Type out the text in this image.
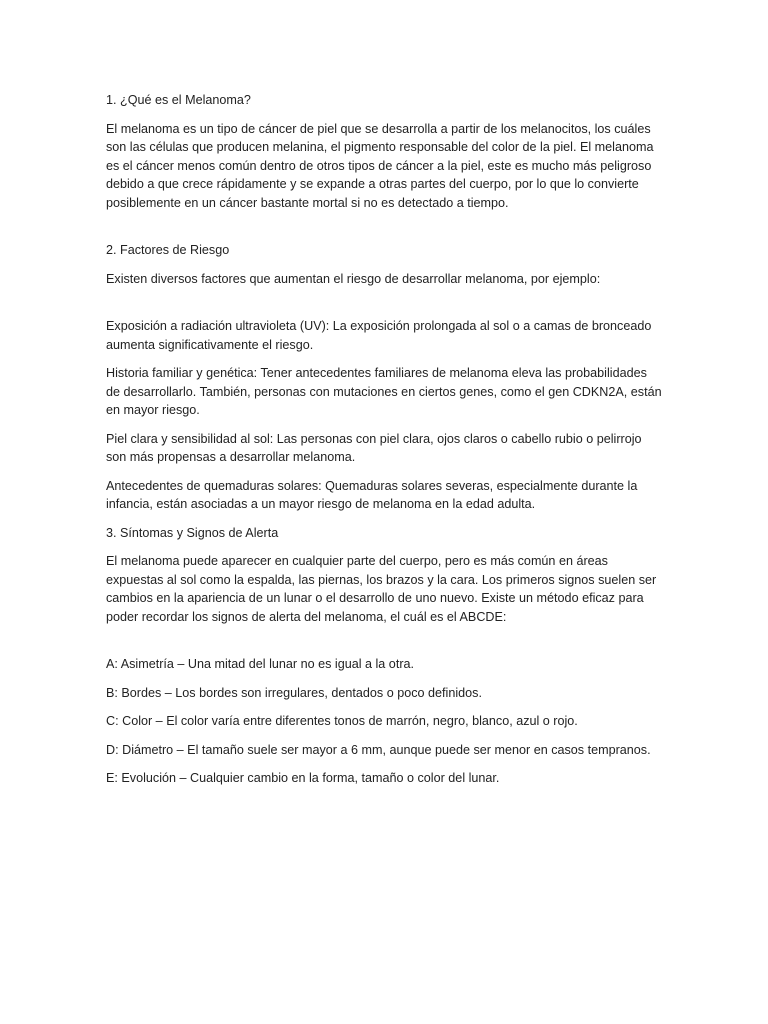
1. ¿Qué es el Melanoma?

El melanoma es un tipo de cáncer de piel que se desarrolla a partir de los melanocitos, los cuáles son las células que producen melanina, el pigmento responsable del color de la piel. El melanoma es el cáncer menos común dentro de otros tipos de cáncer a la piel, este es mucho más peligroso debido a que crece rápidamente y se expande a otras partes del cuerpo, por lo que lo convierte posiblemente en un cáncer bastante mortal si no es detectado a tiempo.

2. Factores de Riesgo

Existen diversos factores que aumentan el riesgo de desarrollar melanoma, por ejemplo:

Exposición a radiación ultravioleta (UV): La exposición prolongada al sol o a camas de bronceado aumenta significativamente el riesgo.

Historia familiar y genética: Tener antecedentes familiares de melanoma eleva las probabilidades de desarrollarlo. También, personas con mutaciones en ciertos genes, como el gen CDKN2A, están en mayor riesgo.

Piel clara y sensibilidad al sol: Las personas con piel clara, ojos claros o cabello rubio o pelirrojo son más propensas a desarrollar melanoma.

Antecedentes de quemaduras solares: Quemaduras solares severas, especialmente durante la infancia, están asociadas a un mayor riesgo de melanoma en la edad adulta.

3. Síntomas y Signos de Alerta

El melanoma puede aparecer en cualquier parte del cuerpo, pero es más común en áreas expuestas al sol como la espalda, las piernas, los brazos y la cara. Los primeros signos suelen ser cambios en la apariencia de un lunar o el desarrollo de uno nuevo. Existe un método eficaz para poder recordar los signos de alerta del melanoma, el cuál es el ABCDE:

A: Asimetría – Una mitad del lunar no es igual a la otra.

B: Bordes – Los bordes son irregulares, dentados o poco definidos.

C: Color – El color varía entre diferentes tonos de marrón, negro, blanco, azul o rojo.

D: Diámetro – El tamaño suele ser mayor a 6 mm, aunque puede ser menor en casos tempranos.

E: Evolución – Cualquier cambio en la forma, tamaño o color del lunar.
